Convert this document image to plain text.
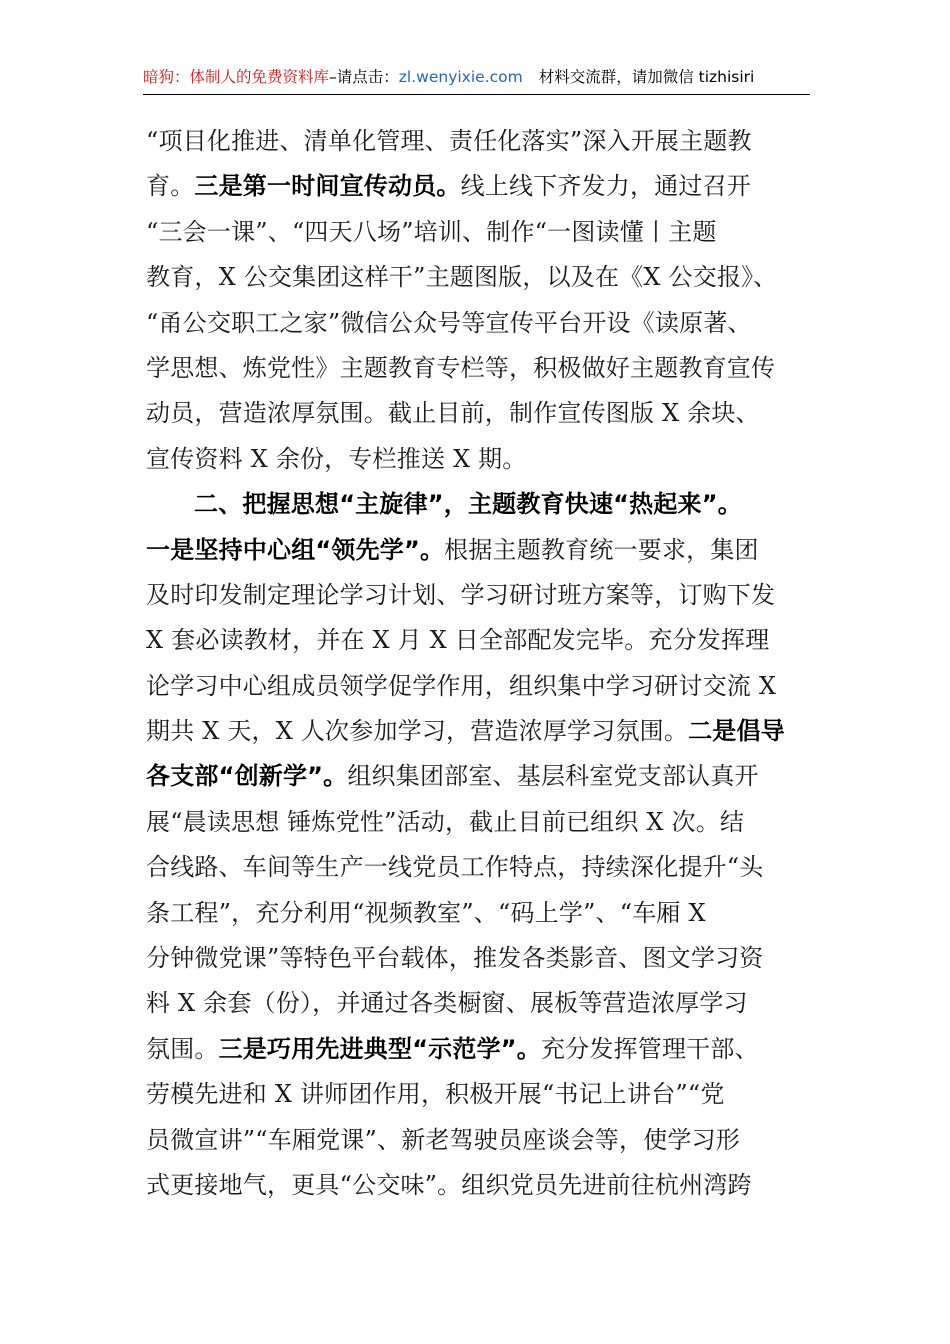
暗狗：体制人的免费资料库–请点击：zl.wenyixie.com 材料交流群，请加微信 tizhisiri
“项目化推进、清单化管理、责任化落实”深入开展主题教
育。三是第一时间宣传动员。线上线下齐发力，通过召开
“三会一课”、“四天八场”培训、制作“一图读懂丨主题
教育，X 公交集团这样干”主题图版，以及在《X 公交报》、
“甬公交职工之家”微信公众号等宣传平台开设《读原著、
学思想、炼党性》主题教育专栏等，积极做好主题教育宣传
动员，营造浓厚氛围。截止目前，制作宣传图版 X 余块、
宣传资料 X 余份，专栏推送 X 期。
二、把握思想“主旋律”，主题教育快速“热起来”。
一是坚持中心组“领先学”。根据主题教育统一要求，集团
及时印发制定理论学习计划、学习研讨班方案等，订购下发
X 套必读教材，并在 X 月 X 日全部配发完毕。充分发挥理
论学习中心组成员领学促学作用，组织集中学习研讨交流 X
期共 X 天，X 人次参加学习，营造浓厚学习氛围。二是倡导
各支部“创新学”。组织集团部室、基层科室党支部认真开
展“晨读思想 锤炼党性”活动，截止目前已组织 X 次。结
合线路、车间等生产一线党员工作特点，持续深化提升“头
条工程”，充分利用“视频教室”、“码上学”、“车厢 X
分钟微党课”等特色平台载体，推发各类影音、图文学习资
料 X 余套（份），并通过各类橱窗、展板等营造浓厚学习
氛围。三是巧用先进典型“示范学”。充分发挥管理干部、
劳模先进和 X 讲师团作用，积极开展“书记上讲台”“党
员微宣讲”“车厢党课”、新老驾驶员座谈会等，使学习形
式更接地气，更具“公交味”。组织党员先进前往杭州湾跨
